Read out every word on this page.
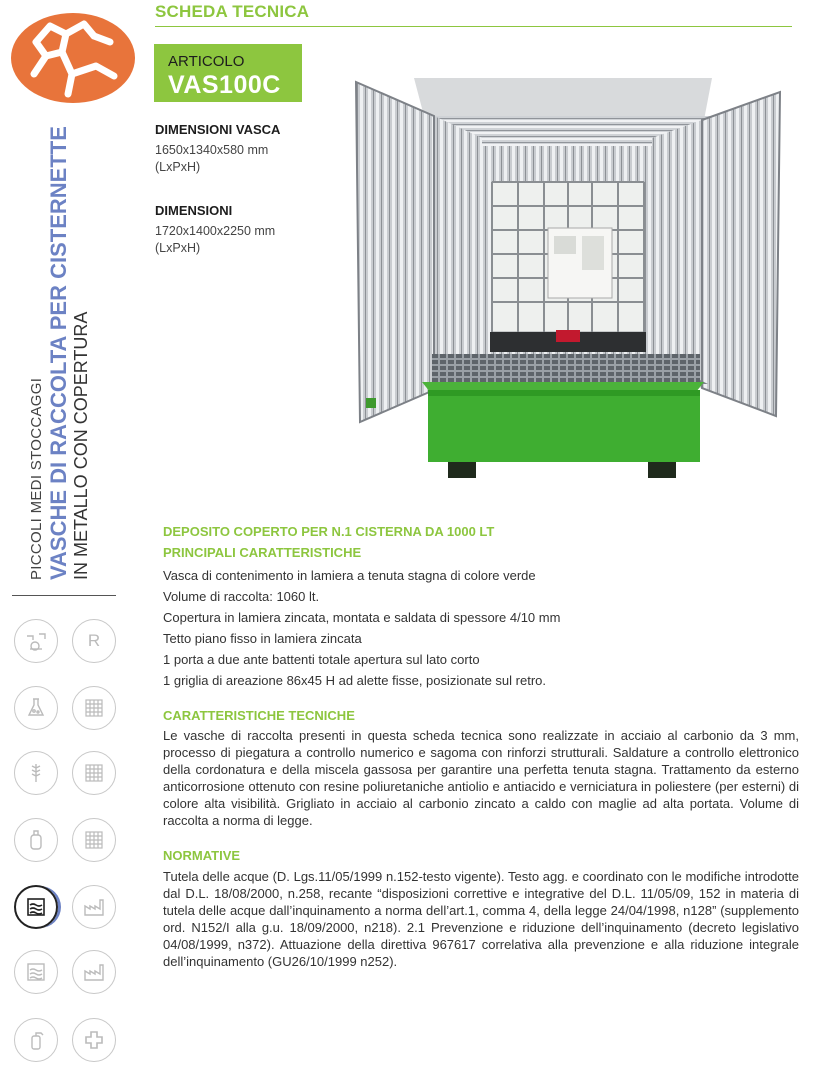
SCHEDA TECNICA
PICCOLI MEDI STOCCAGGI VASCHE DI RACCOLTA PER CISTERNETTE
IN METALLO CON COPERTURA
R
ARTICOLO
VAS100C
DIMENSIONI VASCA
1650x1340x580 mm
(LxPxH)
DIMENSIONI
1720x1400x2250 mm
(LxPxH)
DEPOSITO COPERTO PER N.1 CISTERNA DA 1000 LT
PRINCIPALI CARATTERISTICHE
Vasca di contenimento in lamiera a tenuta stagna di colore verde
Volume di raccolta: 1060 lt.
Copertura in lamiera zincata, montata e saldata di spessore 4/10 mm
Tetto piano fisso in lamiera zincata
1 porta a due ante battenti totale apertura sul lato corto
1 griglia di areazione 86x45 H ad alette fisse, posizionate sul retro.
CARATTERISTICHE TECNICHE
Le vasche di raccolta presenti in questa scheda tecnica sono realizzate in acciaio al carbonio da 3 mm, processo di piegatura a controllo numerico e sagoma con rinforzi strutturali. Saldature a controllo elettronico della cordonatura e della miscela gassosa per garantire una perfetta tenuta stagna. Trattamento da esterno anticorrosione ottenuto con resine poliuretaniche antiolio e antiacido e verniciatura in poliestere (per esterni) di colore alta visibilità. Grigliato in acciaio al carbonio zincato a caldo con maglie ad alta portata. Volume di raccolta a norma di legge.
NORMATIVE
Tutela delle acque (D. Lgs.11/05/1999 n.152-testo vigente). Testo agg. e coordinato con le modifiche introdotte dal D.L. 18/08/2000, n.258, recante “disposizioni correttive e integrative del D.L. 11/05/09, 152 in materia di tutela delle acque dall’inquinamento a norma dell’art.1, comma 4, della legge 24/04/1998, n128” (supplemento ord. N152/I alla g.u. 18/09/2000, n218). 2.1 Prevenzione e riduzione dell’inquinamento (decreto legislativo 04/08/1999, n372). Attuazione della direttiva 967617 correlativa alla prevenzione e alla riduzione integrale dell’inquinamento (GU26/10/1999 n252).
